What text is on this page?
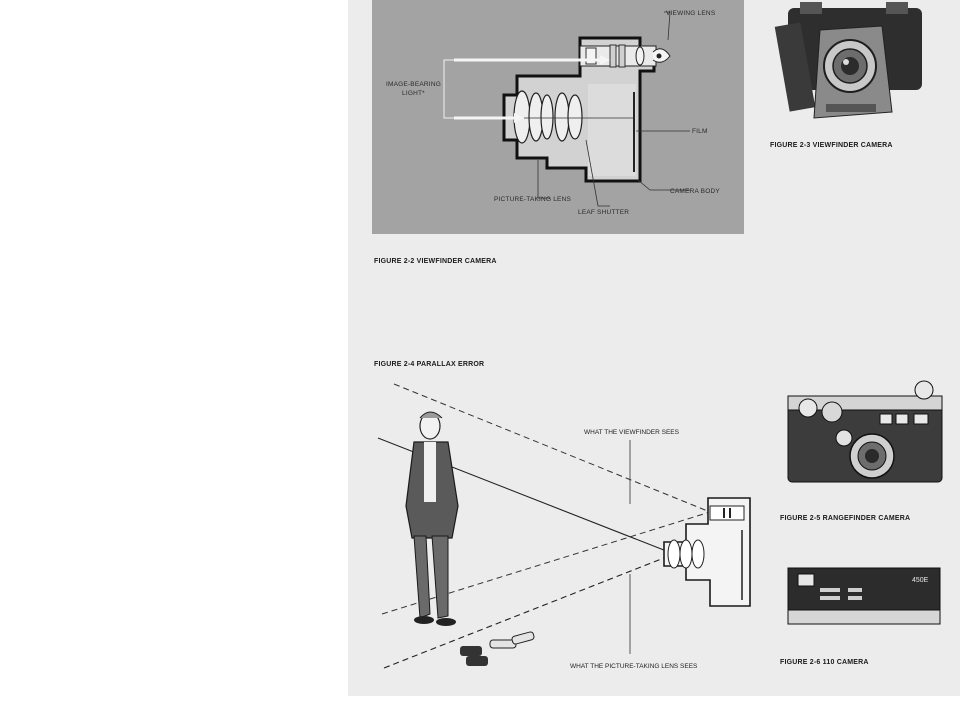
VIEWING LENS
IMAGE-BEARING
LIGHT*
FILM
CAMERA BODY
PICTURE-TAKING LENS
LEAF SHUTTER
FIGURE 2-2 VIEWFINDER CAMERA
FIGURE 2-3 VIEWFINDER CAMERA
FIGURE 2-4 PARALLAX ERROR
WHAT THE VIEWFINDER SEES
WHAT THE PICTURE-TAKING LENS SEES
FIGURE 2-5 RANGEFINDER CAMERA
450E
FIGURE 2-6 110 CAMERA
